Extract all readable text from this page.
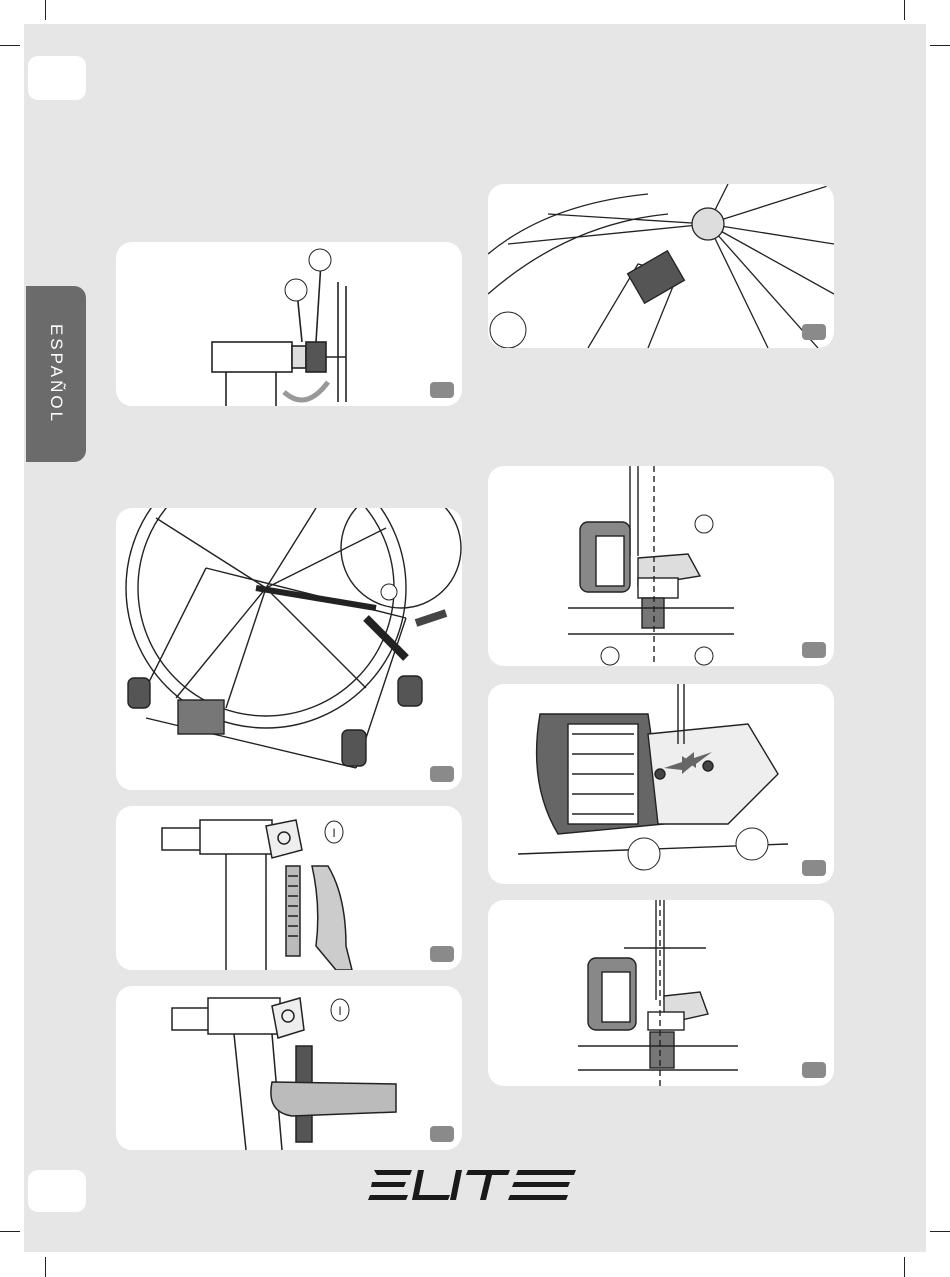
ESPAÑOL
I
I
